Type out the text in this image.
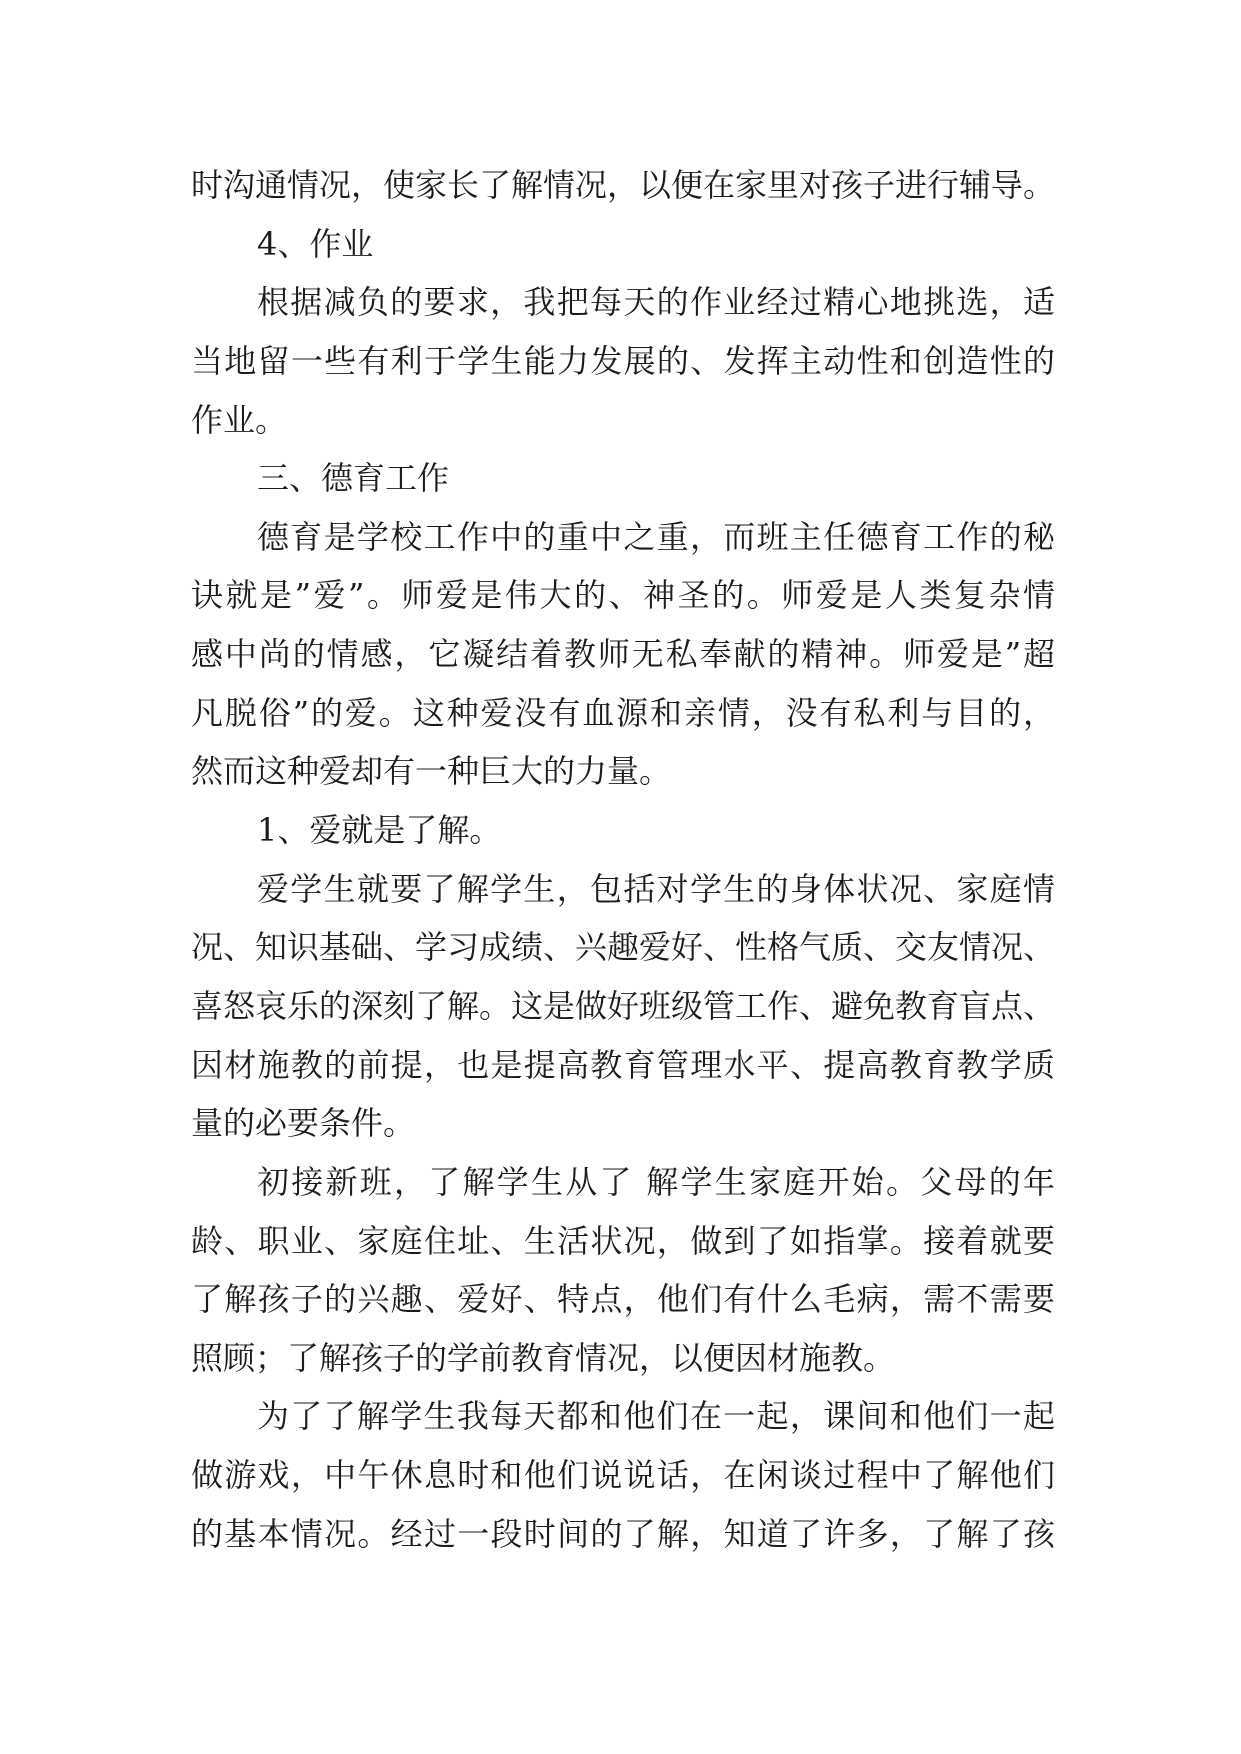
时沟通情况，使家长了解情况，以便在家里对孩子进行辅导。
4、作业
根据减负的要求，我把每天的作业经过精心地挑选，适
当地留一些有利于学生能力发展的、发挥主动性和创造性的
作业。
三、德育工作
德育是学校工作中的重中之重，而班主任德育工作的秘
诀就是”爱”。师爱是伟大的、神圣的。师爱是人类复杂情
感中尚的情感，它凝结着教师无私奉献的精神。师爱是”超
凡脱俗”的爱。这种爱没有血源和亲情，没有私利与目的，
然而这种爱却有一种巨大的力量。
1、爱就是了解。
爱学生就要了解学生，包括对学生的身体状况、家庭情
况、知识基础、学习成绩、兴趣爱好、性格气质、交友情况、
喜怒哀乐的深刻了解。这是做好班级管工作、避免教育盲点、
因材施教的前提，也是提高教育管理水平、提高教育教学质
量的必要条件。
初接新班，了解学生从了 解学生家庭开始。父母的年
龄、职业、家庭住址、生活状况，做到了如指掌。接着就要
了解孩子的兴趣、爱好、特点，他们有什么毛病，需不需要
照顾；了解孩子的学前教育情况，以便因材施教。
为了了解学生我每天都和他们在一起，课间和他们一起
做游戏，中午休息时和他们说说话，在闲谈过程中了解他们
的基本情况。经过一段时间的了解，知道了许多，了解了孩
